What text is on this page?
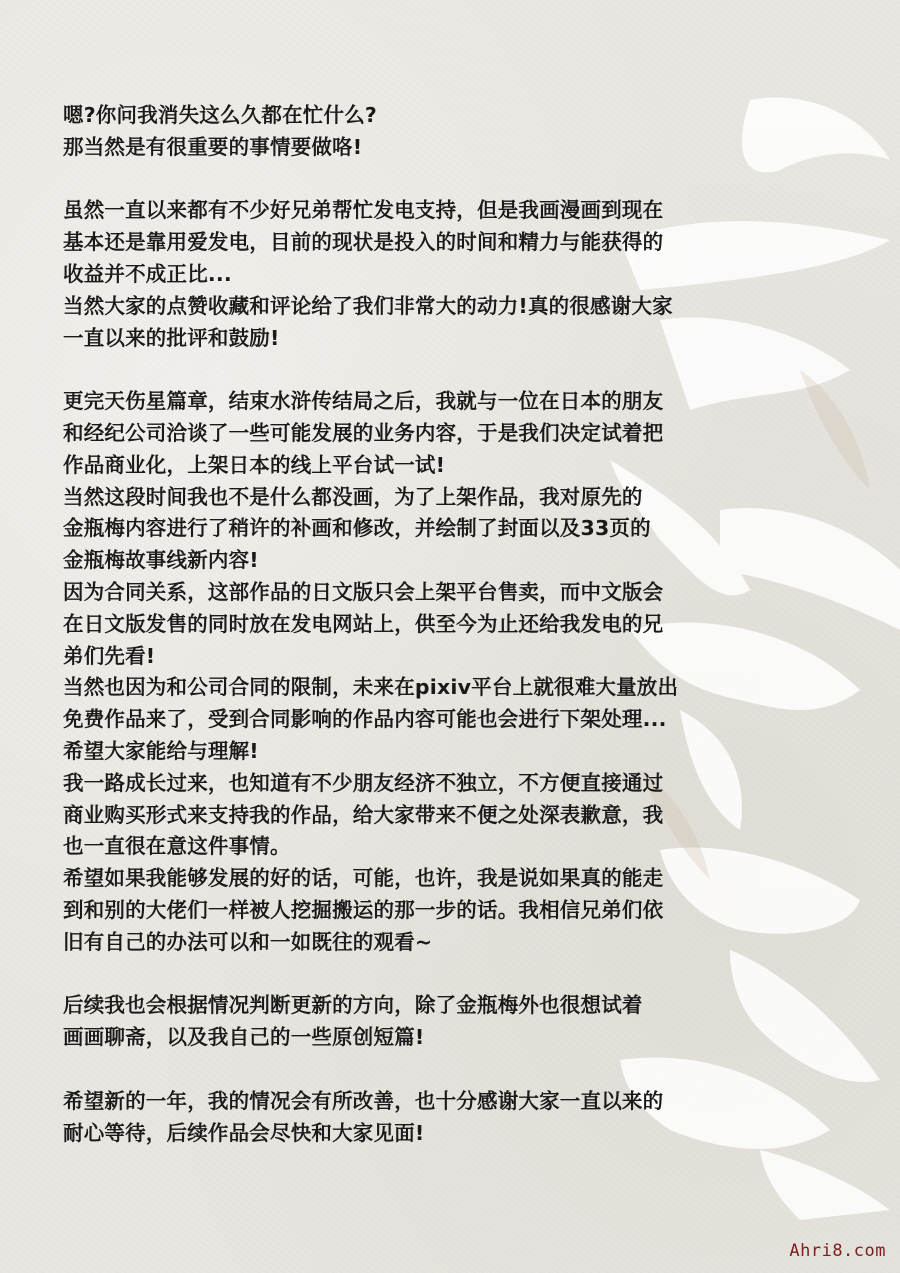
嗯?你问我消失这么久都在忙什么?
那当然是有很重要的事情要做咯!
虽然一直以来都有不少好兄弟帮忙发电支持，但是我画漫画到现在
基本还是靠用爱发电，目前的现状是投入的时间和精力与能获得的
收益并不成正比...
当然大家的点赞收藏和评论给了我们非常大的动力!真的很感谢大家
一直以来的批评和鼓励!
更完天伤星篇章，结束水浒传结局之后，我就与一位在日本的朋友
和经纪公司洽谈了一些可能发展的业务内容，于是我们决定试着把
作品商业化，上架日本的线上平台试一试!
当然这段时间我也不是什么都没画，为了上架作品，我对原先的
金瓶梅内容进行了稍许的补画和修改，并绘制了封面以及33页的
金瓶梅故事线新内容!
因为合同关系，这部作品的日文版只会上架平台售卖，而中文版会
在日文版发售的同时放在发电网站上，供至今为止还给我发电的兄
弟们先看!
当然也因为和公司合同的限制，未来在pixiv平台上就很难大量放出
免费作品来了，受到合同影响的作品内容可能也会进行下架处理...
希望大家能给与理解!
我一路成长过来，也知道有不少朋友经济不独立，不方便直接通过
商业购买形式来支持我的作品，给大家带来不便之处深表歉意，我
也一直很在意这件事情。
希望如果我能够发展的好的话，可能，也许，我是说如果真的能走
到和别的大佬们一样被人挖掘搬运的那一步的话。我相信兄弟们依
旧有自己的办法可以和一如既往的观看~
后续我也会根据情况判断更新的方向，除了金瓶梅外也很想试着
画画聊斋，以及我自己的一些原创短篇!
希望新的一年，我的情况会有所改善，也十分感谢大家一直以来的
耐心等待，后续作品会尽快和大家见面!
Ahri8.com
